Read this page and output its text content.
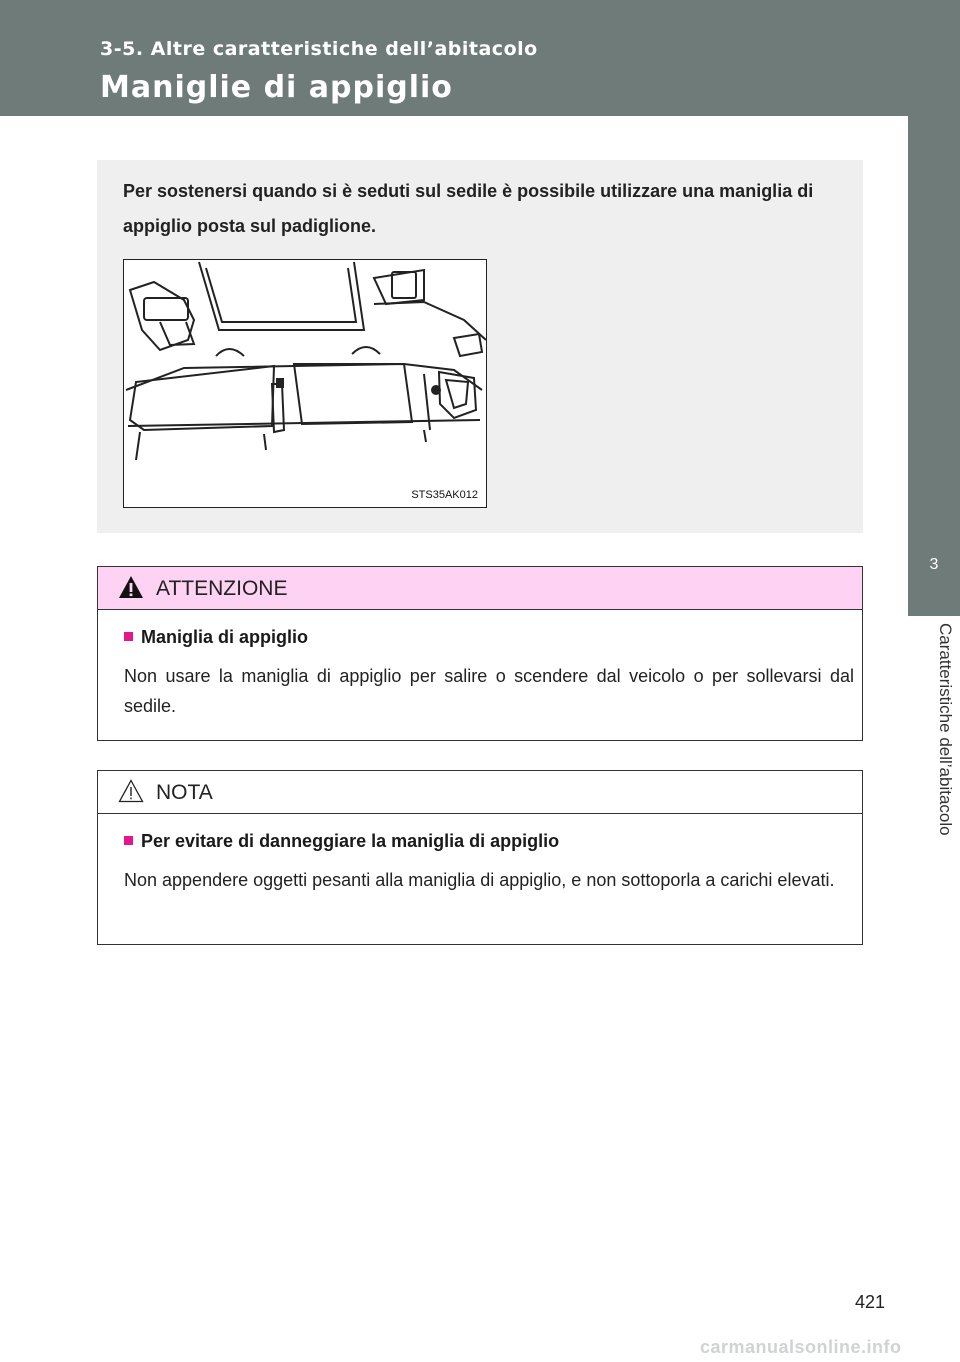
3-5. Altre caratteristiche dell’abitacolo
Maniglie di appiglio
3
Caratteristiche dell’abitacolo
Per sostenersi quando si è seduti sul sedile è possibile utilizzare una maniglia di appiglio posta sul padiglione.
STS35AK012
ATTENZIONE
Maniglia di appiglio
Non usare la maniglia di appiglio per salire o scendere dal veicolo o per sollevarsi dal sedile.
NOTA
Per evitare di danneggiare la maniglia di appiglio
Non appendere oggetti pesanti alla maniglia di appiglio, e non sottoporla a carichi elevati.
421
carmanualsonline.info
